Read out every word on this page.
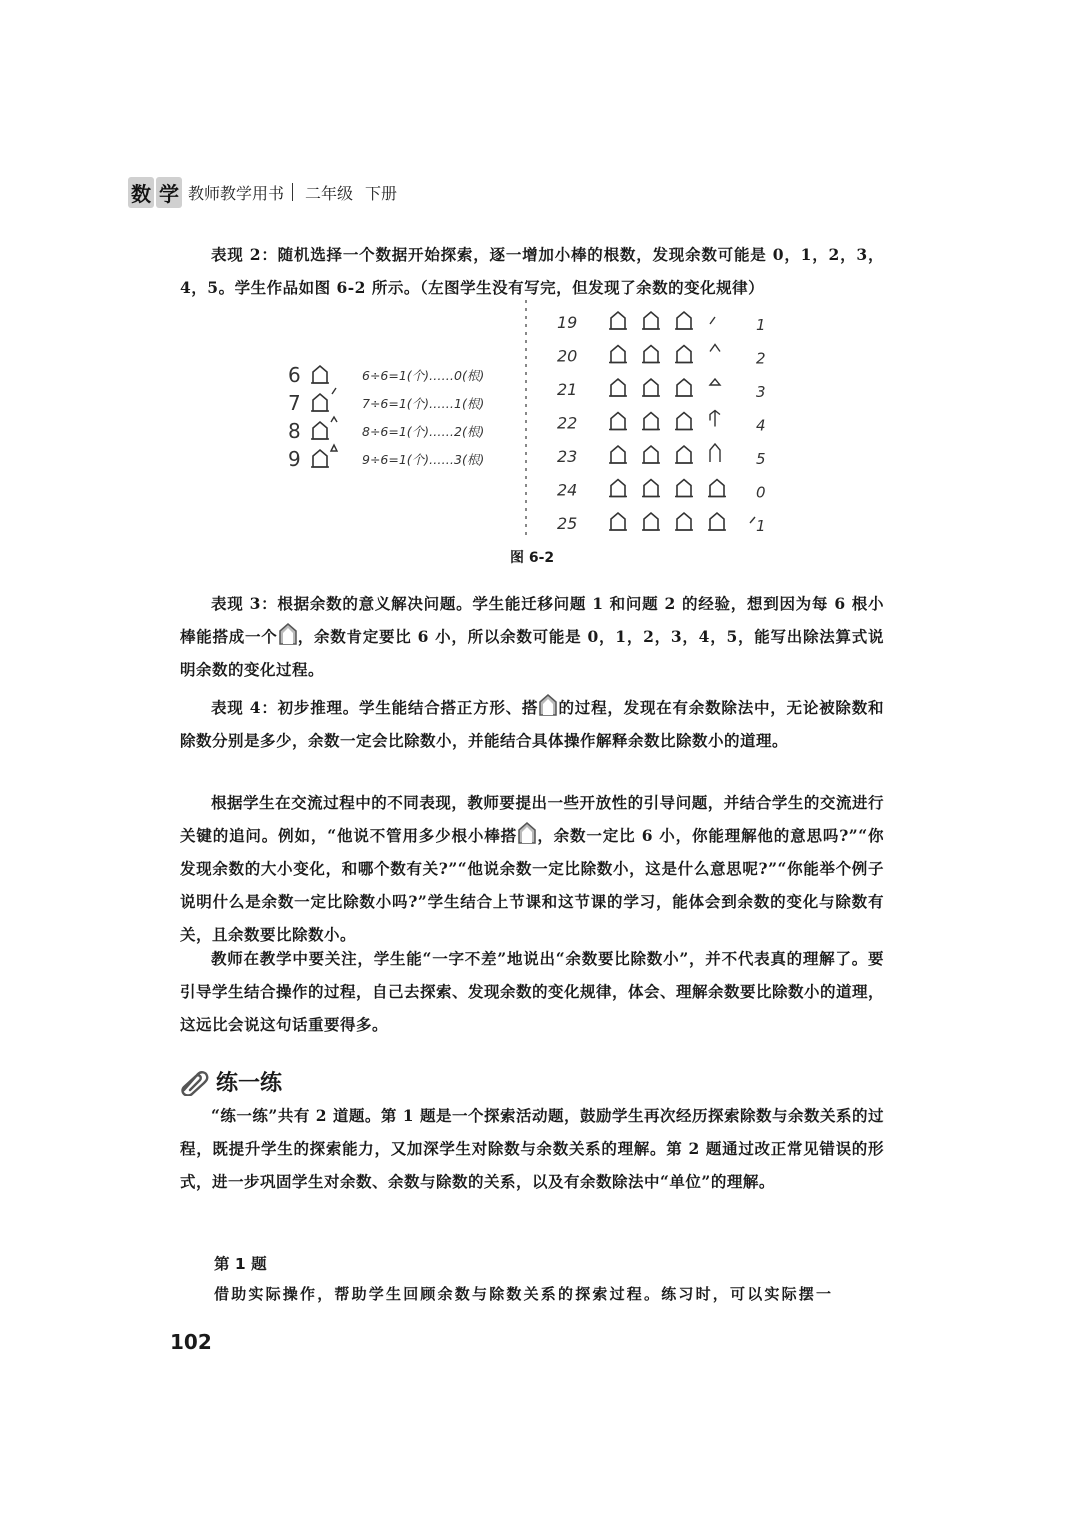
数 学 教师教学用书 二年级 下册

表现 2：随机选择一个数据开始探索，逐一增加小棒的根数，发现余数可能是 0，1，2，3，4，5。学生作品如图 6-2 所示。（左图学生没有写完，但发现了余数的变化规律）

6	6÷6=1(个)……0(根)
7	7÷6=1(个)……1(根)
8	8÷6=1(个)……2(根)
9	9÷6=1(个)……3(根)
19	1
20	2
21	3
22	4
23	5
24	0
25	1
图 6-2

表现 3：根据余数的意义解决问题。学生能迁移问题 1 和问题 2 的经验，想到因为每 6 根小棒能搭成一个 ，余数肯定要比 6 小，所以余数可能是 0，1，2，3，4，5，能写出除法算式说明余数的变化过程。

表现 4：初步推理。学生能结合搭正方形、搭 的过程，发现在有余数除法中，无论被除数和除数分别是多少，余数一定会比除数小，并能结合具体操作解释余数比除数小的道理。

根据学生在交流过程中的不同表现，教师要提出一些开放性的引导问题，并结合学生的交流进行关键的追问。例如，“他说不管用多少根小棒搭 ，余数一定比 6 小，你能理解他的意思吗?”“你发现余数的大小变化，和哪个数有关?”“他说余数一定比除数小，这是什么意思呢?”“你能举个例子说明什么是余数一定比除数小吗?”学生结合上节课和这节课的学习，能体会到余数的变化与除数有关，且余数要比除数小。

教师在教学中要关注，学生能“一字不差”地说出“余数要比除数小”，并不代表真的理解了。要引导学生结合操作的过程，自己去探索、发现余数的变化规律，体会、理解余数要比除数小的道理，这远比会说这句话重要得多。

练一练

“练一练”共有 2 道题。第 1 题是一个探索活动题，鼓励学生再次经历探索除数与余数关系的过程，既提升学生的探索能力，又加深学生对除数与余数关系的理解。第 2 题通过改正常见错误的形式，进一步巩固学生对余数、余数与除数的关系，以及有余数除法中“单位”的理解。

第 1 题
借助实际操作，帮助学生回顾余数与除数关系的探索过程。练习时，可以实际摆一
102
